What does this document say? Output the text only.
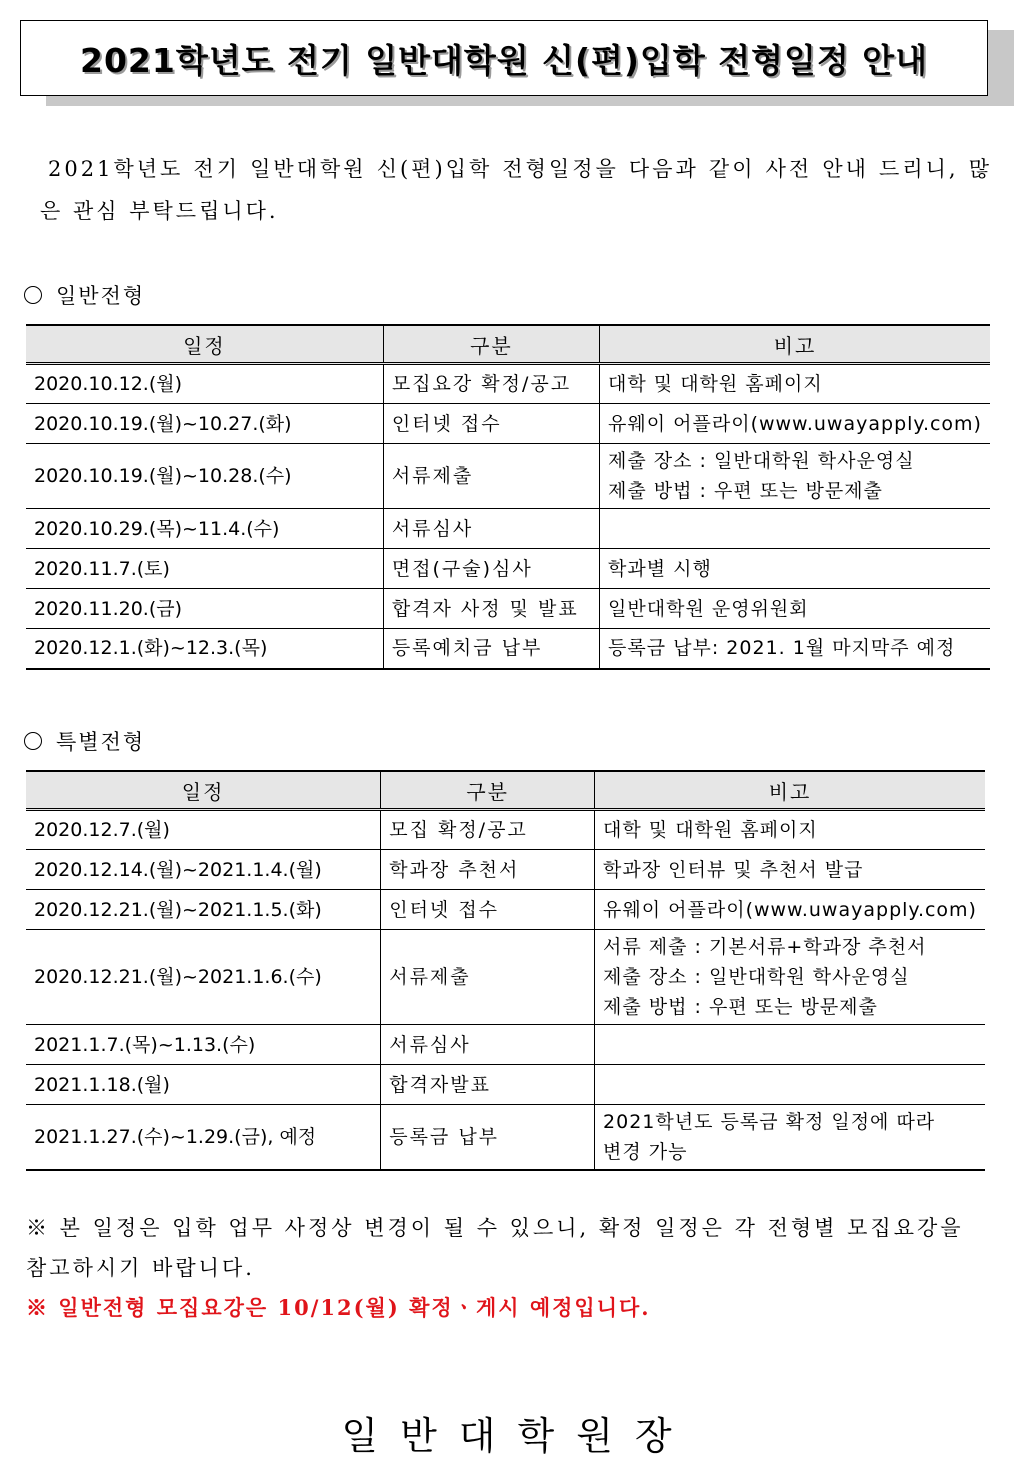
2021학년도 전기 일반대학원 신(편)입학 전형일정 안내
2021학년도 전기 일반대학원 신(편)입학 전형일정을 다음과 같이 사전 안내 드리니, 많은 관심 부탁드립니다.
일반전형
일정	구분	비고
2020.10.12.(월)	모집요강 확정/공고	대학 및 대학원 홈페이지

2020.10.19.(월)~10.27.(화)	인터넷 접수	유웨이 어플라이(www.uwayapply.com)

2020.10.19.(월)~10.28.(수)	서류제출	제출 장소 : 일반대학원 학사운영실
제출 방법 : 우편 또는 방문제출

2020.10.29.(목)~11.4.(수)	서류심사	

2020.11.7.(토)	면접(구술)심사	학과별 시행

2020.11.20.(금)	합격자 사정 및 발표	일반대학원 운영위원회

2020.12.1.(화)~12.3.(목)	등록예치금 납부	등록금 납부: 2021. 1월 마지막주 예정
특별전형
일정	구분	비고
2020.12.7.(월)	모집 확정/공고	대학 및 대학원 홈페이지

2020.12.14.(월)~2021.1.4.(월)	학과장 추천서	학과장 인터뷰 및 추천서 발급

2020.12.21.(월)~2021.1.5.(화)	인터넷 접수	유웨이 어플라이(www.uwayapply.com)

2020.12.21.(월)~2021.1.6.(수)	서류제출	서류 제출 : 기본서류+학과장 추천서
제출 장소 : 일반대학원 학사운영실
제출 방법 : 우편 또는 방문제출

2021.1.7.(목)~1.13.(수)	서류심사	

2021.1.18.(월)	합격자발표	

2021.1.27.(수)~1.29.(금), 예정	등록금 납부	2021학년도 등록금 확정 일정에 따라
변경 가능
※ 본 일정은 입학 업무 사정상 변경이 될 수 있으니, 확정 일정은 각 전형별 모집요강을 참고하시기 바랍니다.
※ 일반전형 모집요강은 10/12(월) 확정ㆍ게시 예정입니다.
일반대학원장
